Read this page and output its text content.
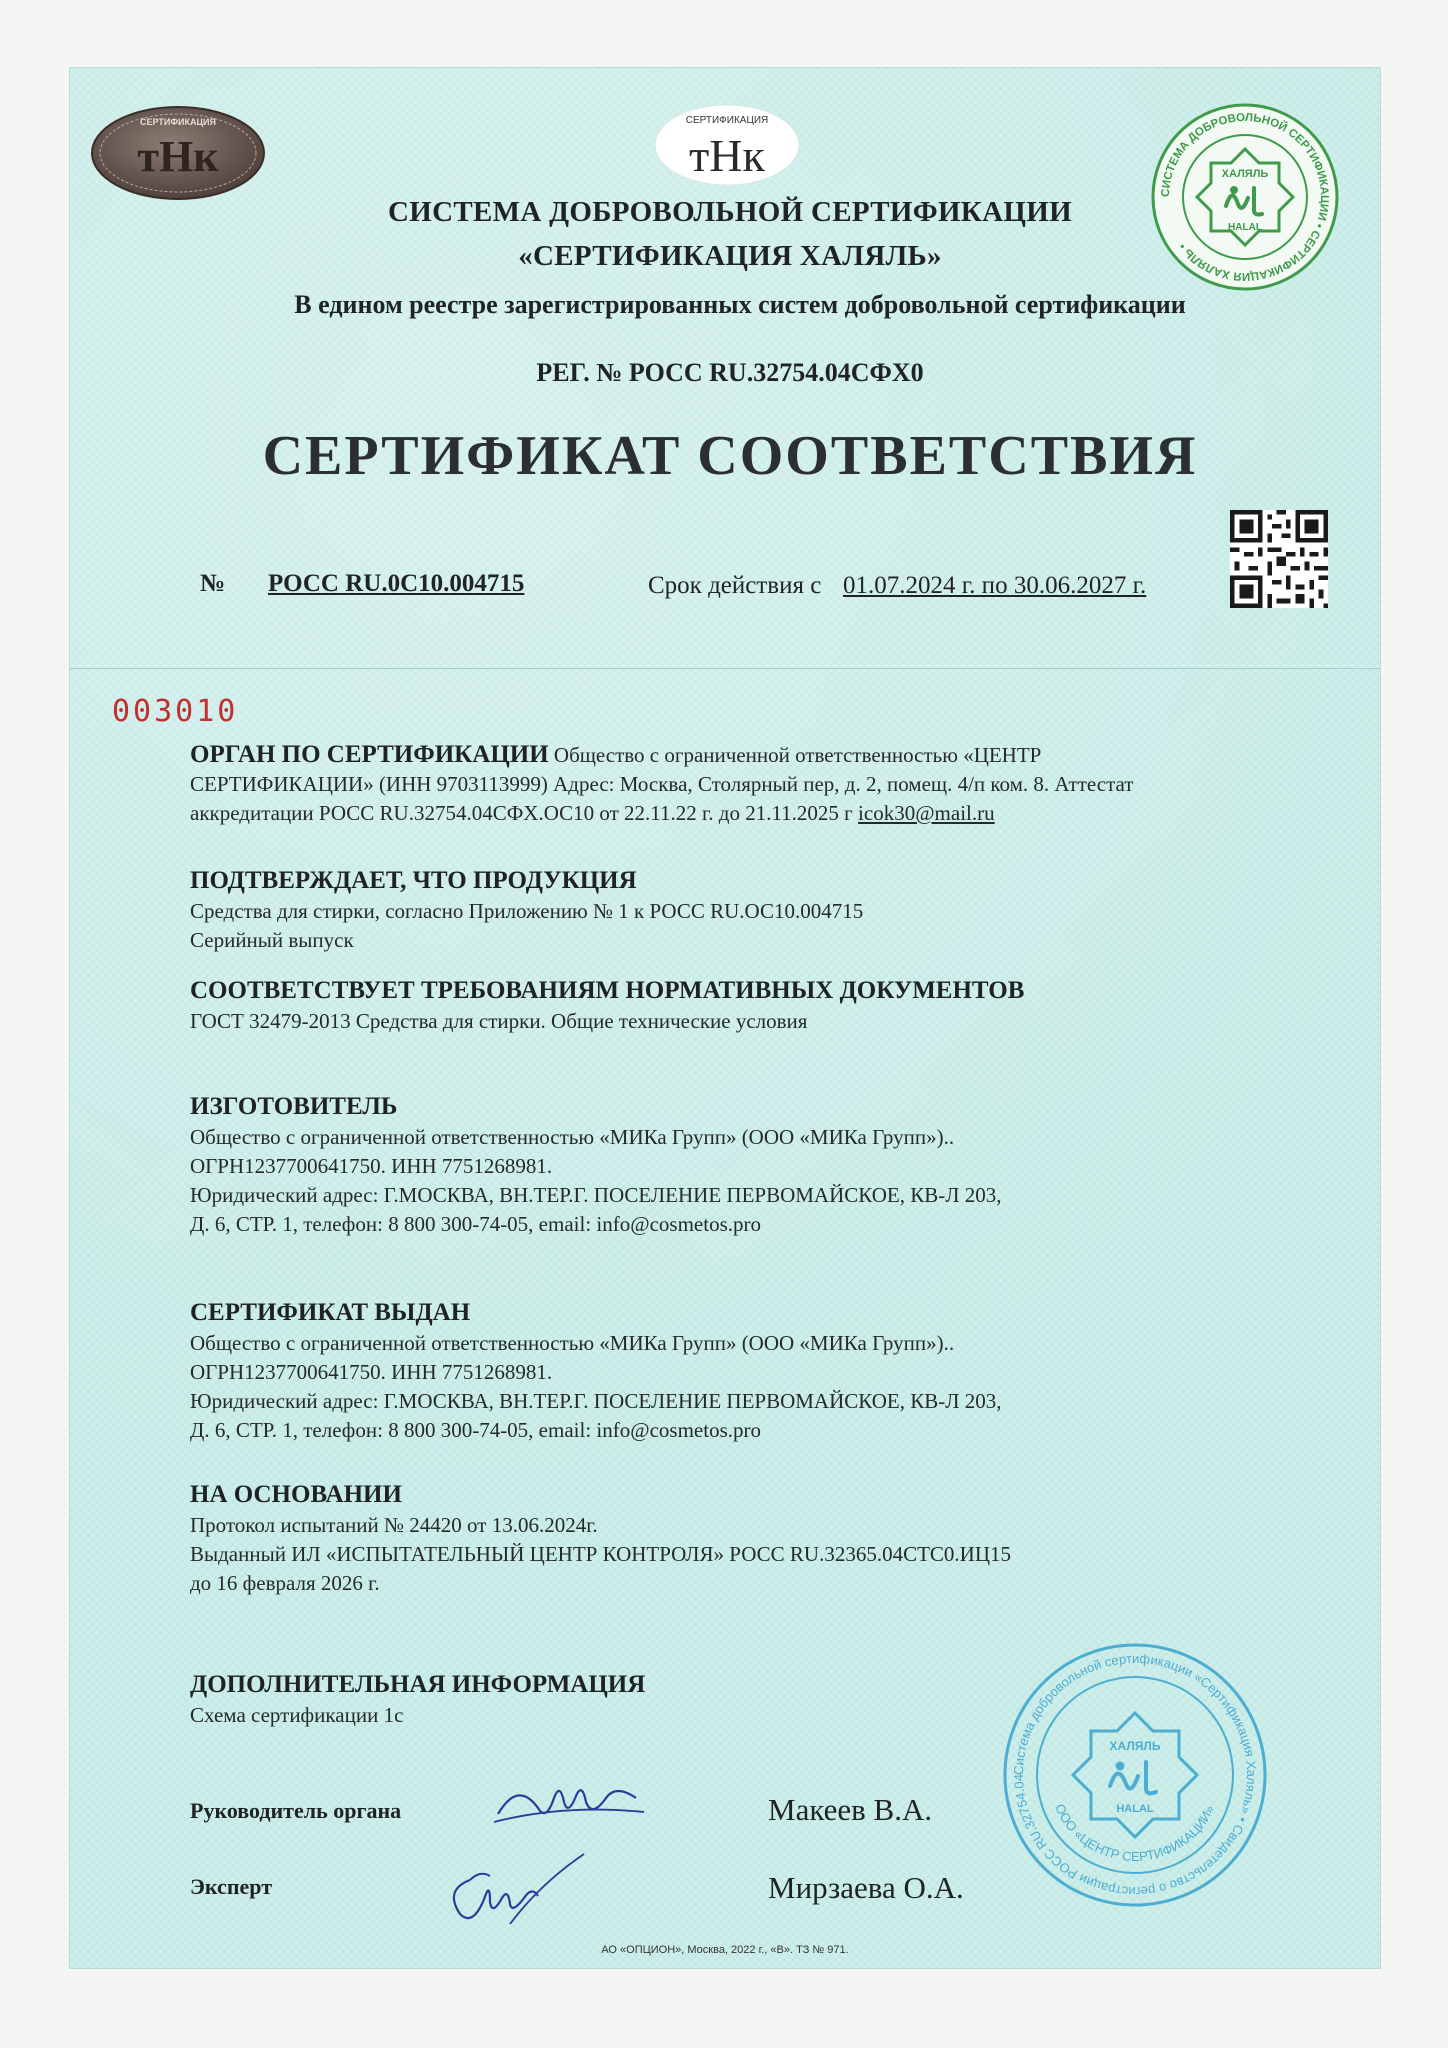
СЕРТИФИКАЦИЯ
тНк
СЕРТИФИКАЦИЯ
тНк
СИСТЕМА ДОБРОВОЛЬНОЙ СЕРТИФИКАЦИИ • СЕРТИФИКАЦИЯ ХАЛЯЛЬ •
ХАЛЯЛЬ
HALAL
СИСТЕМА ДОБРОВОЛЬНОЙ СЕРТИФИКАЦИИ
«СЕРТИФИКАЦИЯ ХАЛЯЛЬ»
В едином реестре зарегистрированных систем добровольной сертификации
РЕГ. № РОСС RU.32754.04СФХ0
СЕРТИФИКАТ СООТВЕТСТВИЯ
№ РОСС RU.0С10.004715	Срок действия с 01.07.2024 г. по 30.06.2027 г.
003010
ОРГАН ПО СЕРТИФИКАЦИИ Общество с ограниченной ответственностью «ЦЕНТР
СЕРТИФИКАЦИИ» (ИНН 9703113999) Адрес: Москва, Столярный пер, д. 2, помещ. 4/п ком. 8. Аттестат
аккредитации РОСС RU.32754.04СФХ.ОС10 от 22.11.22 г. до 21.11.2025 г icok30@mail.ru
ПОДТВЕРЖДАЕТ, ЧТО ПРОДУКЦИЯ
Средства для стирки, согласно Приложению № 1 к РОСС RU.ОС10.004715
Серийный выпуск
СООТВЕТСТВУЕТ ТРЕБОВАНИЯМ НОРМАТИВНЫХ ДОКУМЕНТОВ
ГОСТ 32479-2013 Средства для стирки. Общие технические условия
ИЗГОТОВИТЕЛЬ
Общество с ограниченной ответственностью «МИКа Групп» (ООО «МИКа Групп»)..
ОГРН1237700641750. ИНН 7751268981.
Юридический адрес: Г.МОСКВА, ВН.ТЕР.Г. ПОСЕЛЕНИЕ ПЕРВОМАЙСКОЕ, КВ-Л 203,
Д. 6, СТР. 1, телефон: 8 800 300-74-05, email: info@cosmetos.pro
СЕРТИФИКАТ ВЫДАН
Общество с ограниченной ответственностью «МИКа Групп» (ООО «МИКа Групп»)..
ОГРН1237700641750. ИНН 7751268981.
Юридический адрес: Г.МОСКВА, ВН.ТЕР.Г. ПОСЕЛЕНИЕ ПЕРВОМАЙСКОЕ, КВ-Л 203,
Д. 6, СТР. 1, телефон: 8 800 300-74-05, email: info@cosmetos.pro
НА ОСНОВАНИИ
Протокол испытаний № 24420 от 13.06.2024г.
Выданный ИЛ «ИСПЫТАТЕЛЬНЫЙ ЦЕНТР КОНТРОЛЯ» РОСС RU.32365.04СТС0.ИЦ15
до 16 февраля 2026 г.
ДОПОЛНИТЕЛЬНАЯ ИНФОРМАЦИЯ
Схема сертификации 1с
Руководитель органа	Макеев В.А.
Эксперт	Мирзаева О.А.
Система добровольной сертификации «Сертификация Халяль» • Свидетельство о регистрации РОСС RU.32754.04
ООО «ЦЕНТР СЕРТИФИКАЦИИ»
ХАЛЯЛЬ
HALAL
АО «ОПЦИОН», Москва, 2022 г., «В». ТЗ № 971.
